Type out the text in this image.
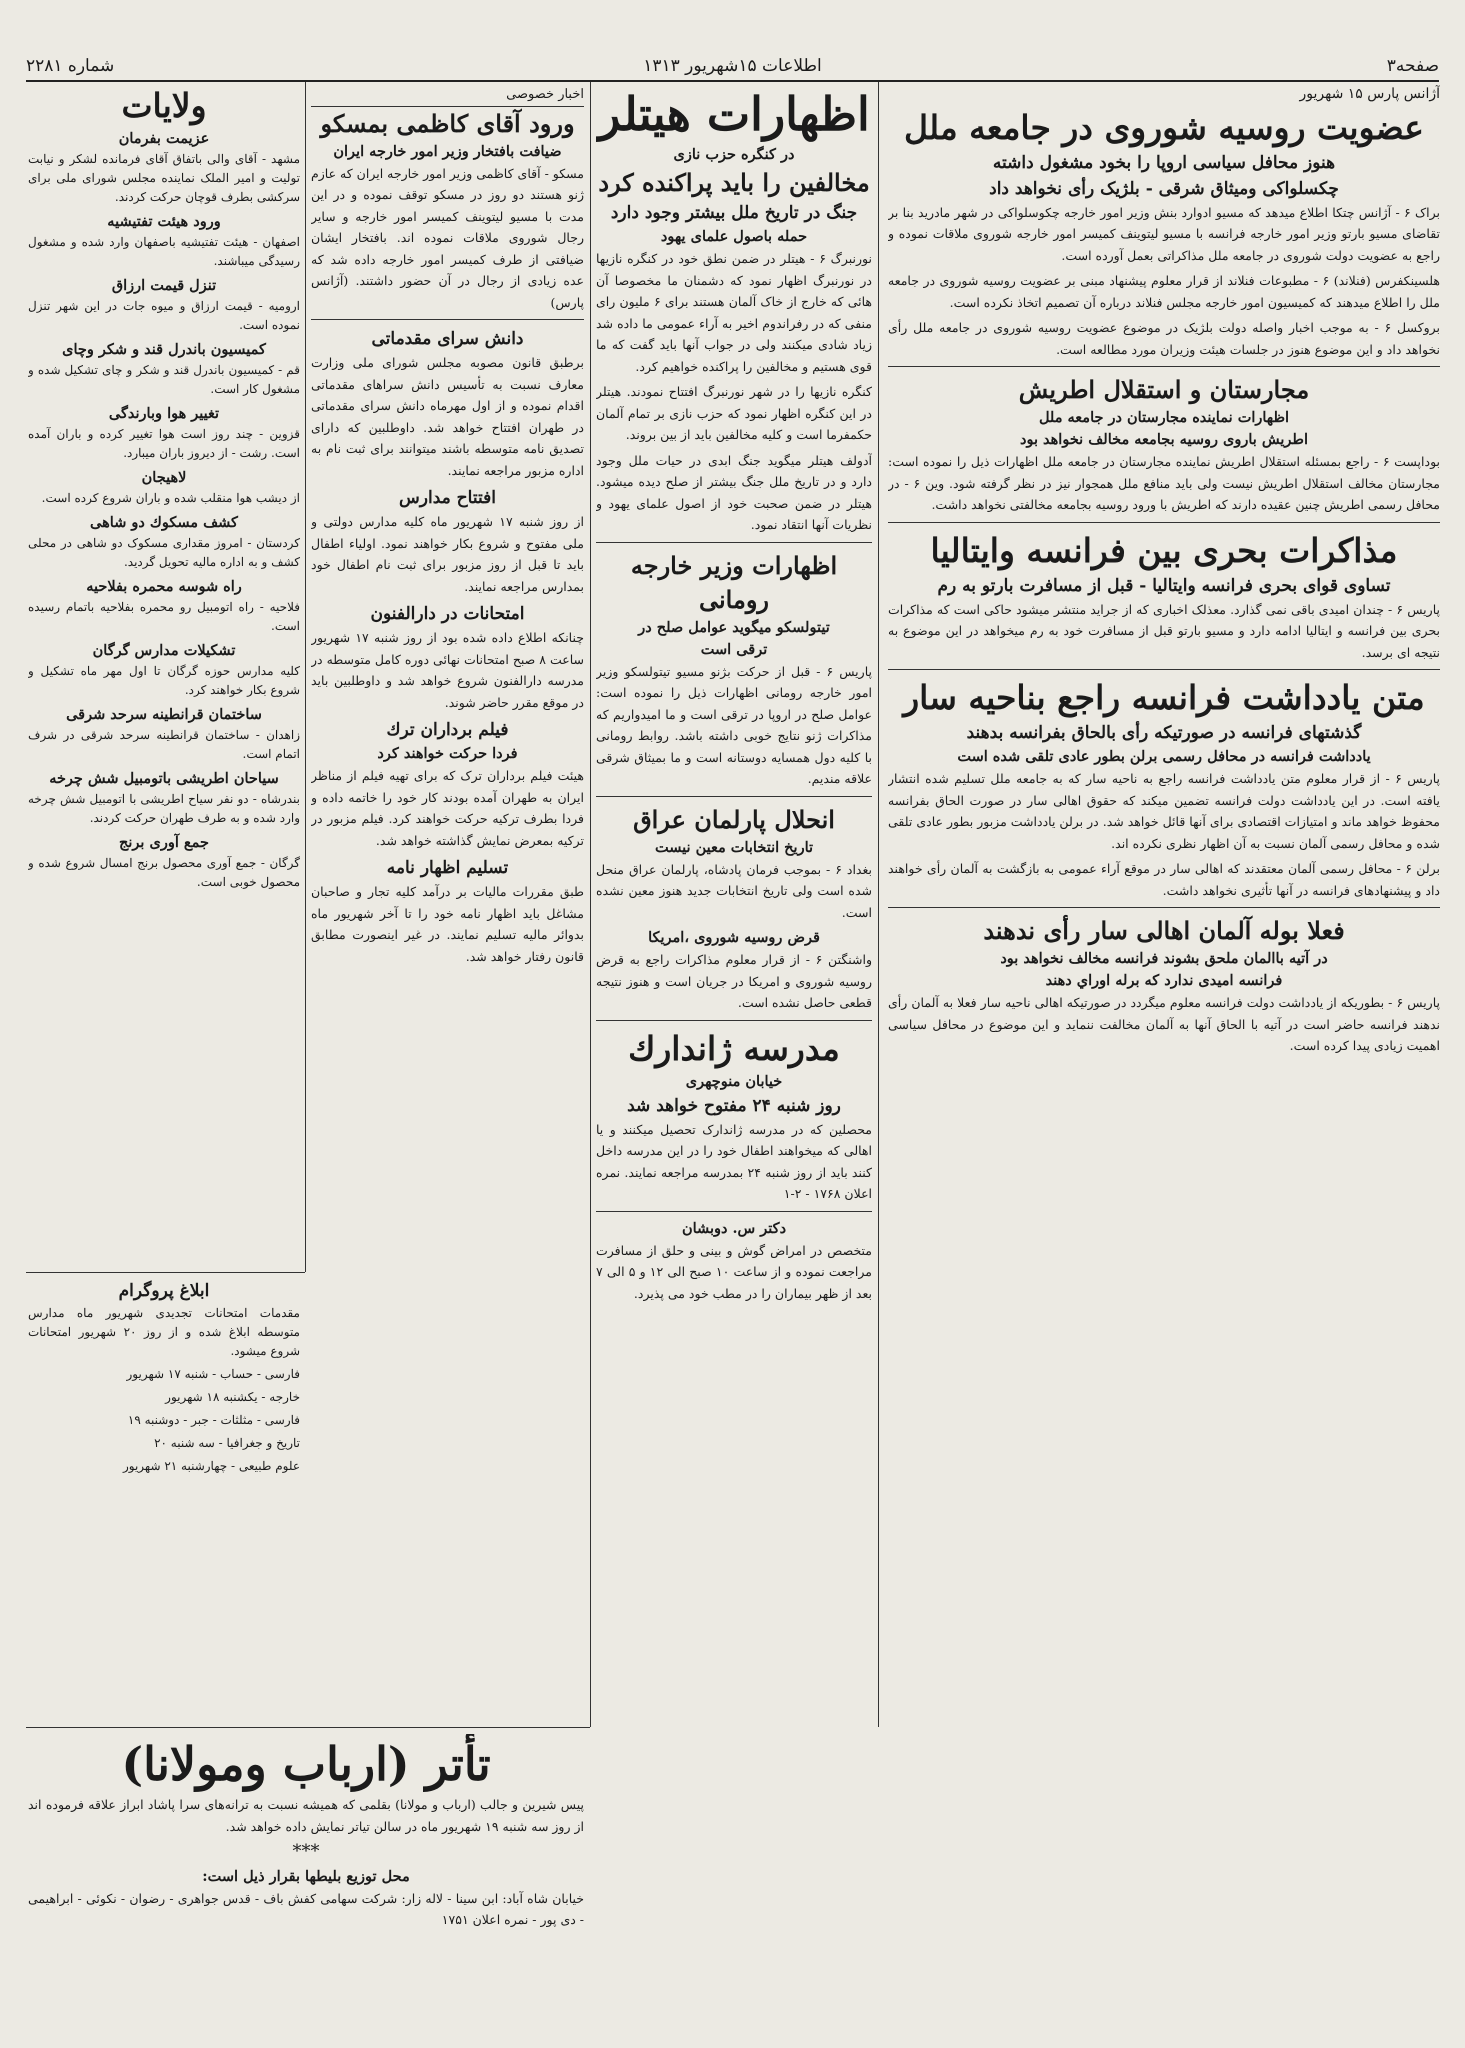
صفحه۳
اطلاعات ۱۵شهریور ۱۳۱۳
شماره ۲۲۸۱
آژانس پارس ۱۵ شهریور
عضویت روسیه شوروی در جامعه ملل
هنوز محافل سیاسی اروپا را بخود مشغول داشته
چکسلواکی ومیثاق شرقی - بلژیک رأی نخواهد داد

براک ۶ - آژانس چتکا اطلاع میدهد که مسیو ادوارد بنش وزیر امور خارجه چکوسلواکی در شهر مادرید بنا بر تقاضای مسیو بارتو وزیر امور خارجه فرانسه با مسیو لیتوینف کمیسر امور خارجه شوروی ملاقات نموده و راجع به عضویت دولت شوروی در جامعه ملل مذاکراتی بعمل آورده است.

هلسینکفرس (فنلاند) ۶ - مطبوعات فنلاند از قرار معلوم پیشنهاد مبنی بر عضویت روسیه شوروی در جامعه ملل را اطلاع میدهند که کمیسیون امور خارجه مجلس فنلاند درباره آن تصمیم اتخاذ نکرده است.

بروکسل ۶ - به موجب اخبار واصله دولت بلژیک در موضوع عضویت روسیه شوروی در جامعه ملل رأی نخواهد داد و این موضوع هنوز در جلسات هیئت وزیران مورد مطالعه است.

مجارستان و استقلال اطریش
اظهارات نماینده مجارستان در جامعه ملل
اطریش باروی روسیه بجامعه مخالف نخواهد بود

بوداپست ۶ - راجع بمسئله استقلال اطریش نماینده مجارستان در جامعه ملل اظهارات ذیل را نموده است: مجارستان مخالف استقلال اطریش نیست ولی باید منافع ملل همجوار نیز در نظر گرفته شود. وین ۶ - در محافل رسمی اطریش چنین عقیده دارند که اطریش با ورود روسیه بجامعه مخالفتی نخواهد داشت.

مذاکرات بحری بین فرانسه وایتالیا
تساوی قوای بحری فرانسه وایتالیا - قبل از مسافرت بارتو به رم

پاریس ۶ - چندان امیدی باقی نمی گذارد. معذلک اخباری که از جراید منتشر میشود حاکی است که مذاکرات بحری بین فرانسه و ایتالیا ادامه دارد و مسیو بارتو قبل از مسافرت خود به رم میخواهد در این موضوع به نتیجه ای برسد.

متن یادداشت فرانسه راجع بناحیه سار
گذشتهای فرانسه در صورتیکه رأی بالحاق بفرانسه بدهند
یادداشت فرانسه در محافل رسمی برلن بطور عادی تلقی شده است

پاریس ۶ - از قرار معلوم متن یادداشت فرانسه راجع به ناحیه سار که به جامعه ملل تسلیم شده انتشار یافته است. در این یادداشت دولت فرانسه تضمین میکند که حقوق اهالی سار در صورت الحاق بفرانسه محفوظ خواهد ماند و امتیازات اقتصادی برای آنها قائل خواهد شد. در برلن یادداشت مزبور بطور عادی تلقی شده و محافل رسمی آلمان نسبت به آن اظهار نظری نکرده اند.

برلن ۶ - محافل رسمی آلمان معتقدند که اهالی سار در موقع آراء عمومی به بازگشت به آلمان رأی خواهند داد و پیشنهادهای فرانسه در آنها تأثیری نخواهد داشت.

فعلا بوله آلمان اهالی سار رأی ندهند
در آتیه باالمان ملحق بشوند فرانسه مخالف نخواهد بود
فرانسه امیدی ندارد که برله اوراي دهند

پاریس ۶ - بطوریکه از یادداشت دولت فرانسه معلوم میگردد در صورتیکه اهالی ناحیه سار فعلا به آلمان رأی ندهند فرانسه حاضر است در آتیه با الحاق آنها به آلمان مخالفت ننماید و این موضوع در محافل سیاسی اهمیت زیادی پیدا کرده است.

اظهارات هیتلر
در کنگره حزب نازی
مخالفین را باید پراکنده کرد
جنگ در تاریخ ملل بیشتر وجود دارد
حمله باصول علمای یهود

نورنبرگ ۶ - هیتلر در ضمن نطق خود در کنگره نازیها در نورنبرگ اظهار نمود که دشمنان ما مخصوصا آن هائی که خارج از خاک آلمان هستند برای ۶ ملیون رای منفی که در رفراندوم اخیر به آراء عمومی ما داده شد زیاد شادی میکنند ولی در جواب آنها باید گفت که ما قوی هستیم و مخالفین را پراکنده خواهیم کرد.

کنگره نازیها را در شهر نورنبرگ افتتاح نمودند. هیتلر در این کنگره اظهار نمود که حزب نازی بر تمام آلمان حکمفرما است و کلیه مخالفین باید از بین بروند.

آدولف هیتلر میگوید جنگ ابدی در حیات ملل وجود دارد و در تاریخ ملل جنگ بیشتر از صلح دیده میشود. هیتلر در ضمن صحبت خود از اصول علمای یهود و نظریات آنها انتقاد نمود.

اظهارات وزیر خارجه رومانی
تیتولسکو میگوید عوامل صلح در
ترقی است

پاریس ۶ - قبل از حرکت بژنو مسیو تیتولسکو وزیر امور خارجه رومانی اظهارات ذیل را نموده است: عوامل صلح در اروپا در ترقی است و ما امیدواریم که مذاکرات ژنو نتایج خوبی داشته باشد. روابط رومانی با کلیه دول همسایه دوستانه است و ما بمیثاق شرقی علاقه مندیم.

انحلال پارلمان عراق
تاریخ انتخابات معین نیست

بغداد ۶ - بموجب فرمان پادشاه، پارلمان عراق منحل شده است ولی تاریخ انتخابات جدید هنوز معین نشده است.

قرض روسیه شوروی ،امریکا

واشنگتن ۶ - از قرار معلوم مذاکرات راجع به قرض روسیه شوروی و امریکا در جریان است و هنوز نتیجه قطعی حاصل نشده است.

مدرسه ژاندارك
خیابان منوچهری
روز شنبه ۲۴ مفتوح خواهد شد

محصلین که در مدرسه ژاندارک تحصیل میکنند و یا اهالی که میخواهند اطفال خود را در این مدرسه داخل کنند باید از روز شنبه ۲۴ بمدرسه مراجعه نمایند. نمره اعلان ۱۷۶۸ - ۲-۱

دکتر س. دوبشان

متخصص در امراض گوش و بینی و حلق از مسافرت مراجعت نموده و از ساعت ۱۰ صبح الی ۱۲ و ۵ الی ۷ بعد از ظهر بیماران را در مطب خود می پذیرد.

اخبار خصوصی
ورود آقای کاظمی بمسکو
ضیافت بافتخار وزیر امور خارجه ایران

مسکو - آقای کاظمی وزیر امور خارجه ایران که عازم ژنو هستند دو روز در مسکو توقف نموده و در این مدت با مسیو لیتوینف کمیسر امور خارجه و سایر رجال شوروی ملاقات نموده اند. بافتخار ایشان ضیافتی از طرف کمیسر امور خارجه داده شد که عده زیادی از رجال در آن حضور داشتند. (آژانس پارس)

دانش سرای مقدماتی

برطبق قانون مصوبه مجلس شورای ملی وزارت معارف نسبت به تأسیس دانش سراهای مقدماتی اقدام نموده و از اول مهرماه دانش سرای مقدماتی در طهران افتتاح خواهد شد. داوطلبین که دارای تصدیق نامه متوسطه باشند میتوانند برای ثبت نام به اداره مزبور مراجعه نمایند.

افتتاح مدارس

از روز شنبه ۱۷ شهریور ماه کلیه مدارس دولتی و ملی مفتوح و شروع بکار خواهند نمود. اولیاء اطفال باید تا قبل از روز مزبور برای ثبت نام اطفال خود بمدارس مراجعه نمایند.

امتحانات در دارالفنون

چنانکه اطلاع داده شده بود از روز شنبه ۱۷ شهریور ساعت ۸ صبح امتحانات نهائی دوره کامل متوسطه در مدرسه دارالفنون شروع خواهد شد و داوطلبین باید در موقع مقرر حاضر شوند.

فیلم برداران ترك
فردا حرکت خواهند کرد

هیئت فیلم برداران ترک که برای تهیه فیلم از مناظر ایران به طهران آمده بودند کار خود را خاتمه داده و فردا بطرف ترکیه حرکت خواهند کرد. فیلم مزبور در ترکیه بمعرض نمایش گذاشته خواهد شد.

تسلیم اظهار نامه

طبق مقررات مالیات بر درآمد کلیه تجار و صاحبان مشاغل باید اظهار نامه خود را تا آخر شهریور ماه بدوائر مالیه تسلیم نمایند. در غیر اینصورت مطابق قانون رفتار خواهد شد.

ولایات
عزیمت بفرمان

مشهد - آقای والی باتفاق آقای فرمانده لشکر و نیابت تولیت و امیر الملک نماینده مجلس شورای ملی برای سرکشی بطرف قوچان حرکت کردند.

ورود هیئت تفتیشیه

اصفهان - هیئت تفتیشیه باصفهان وارد شده و مشغول رسیدگی میباشند.

تنزل قیمت ارزاق

ارومیه - قیمت ارزاق و میوه جات در این شهر تنزل نموده است.

کمیسیون باندرل قند و شکر وچای

قم - کمیسیون باندرل قند و شکر و چای تشکیل شده و مشغول کار است.

تغییر هوا وبارندگی

قزوین - چند روز است هوا تغییر کرده و باران آمده است. رشت - از دیروز باران میبارد.

لاهیجان

از دیشب هوا منقلب شده و باران شروع کرده است.

کشف مسکوك دو شاهی

کردستان - امروز مقداری مسکوک دو شاهی در محلی کشف و به اداره مالیه تحویل گردید.

راه شوسه محمره بفلاحیه

فلاحیه - راه اتومبیل رو محمره بفلاحیه باتمام رسیده است.

تشکیلات مدارس گرگان

کلیه مدارس حوزه گرگان تا اول مهر ماه تشکیل و شروع بکار خواهند کرد.

ساختمان قرانطینه سرحد شرقی

زاهدان - ساختمان قرانطینه سرحد شرقی در شرف اتمام است.

سیاحان اطریشی باتومبیل شش چرخه

بندرشاه - دو نفر سیاح اطریشی با اتومبیل شش چرخه وارد شده و به طرف طهران حرکت کردند.

جمع آوری برنج

گرگان - جمع آوری محصول برنج امسال شروع شده و محصول خوبی است.

ابلاغ پروگرام

مقدمات امتحانات تجدیدی شهریور ماه مدارس متوسطه ابلاغ شده و از روز ۲۰ شهریور امتحانات شروع میشود.

فارسی - حساب - شنبه ۱۷ شهریور

خارجه - یکشنبه ۱۸ شهریور

فارسی - مثلثات - جبر - دوشنبه ۱۹

تاریخ و جغرافیا - سه شنبه ۲۰

علوم طبیعی - چهارشنبه ۲۱ شهریور

تأتر (ارباب ومولانا)

پیس شیرین و جالب (ارباب و مولانا) بقلمی که همیشه نسبت به ترانه‌های سرا پاشاد ابراز علاقه فرموده اند از روز سه شنبه ۱۹ شهریور ماه در سالن تیاتر نمایش داده خواهد شد.

***
محل توزیع بلیطها بقرار ذیل است:

خیابان شاه آباد: ابن سینا - لاله زار: شرکت سهامی کفش باف - قدس جواهری - رضوان - نکوئی - ابراهیمی - دی پور - نمره اعلان ۱۷۵۱
